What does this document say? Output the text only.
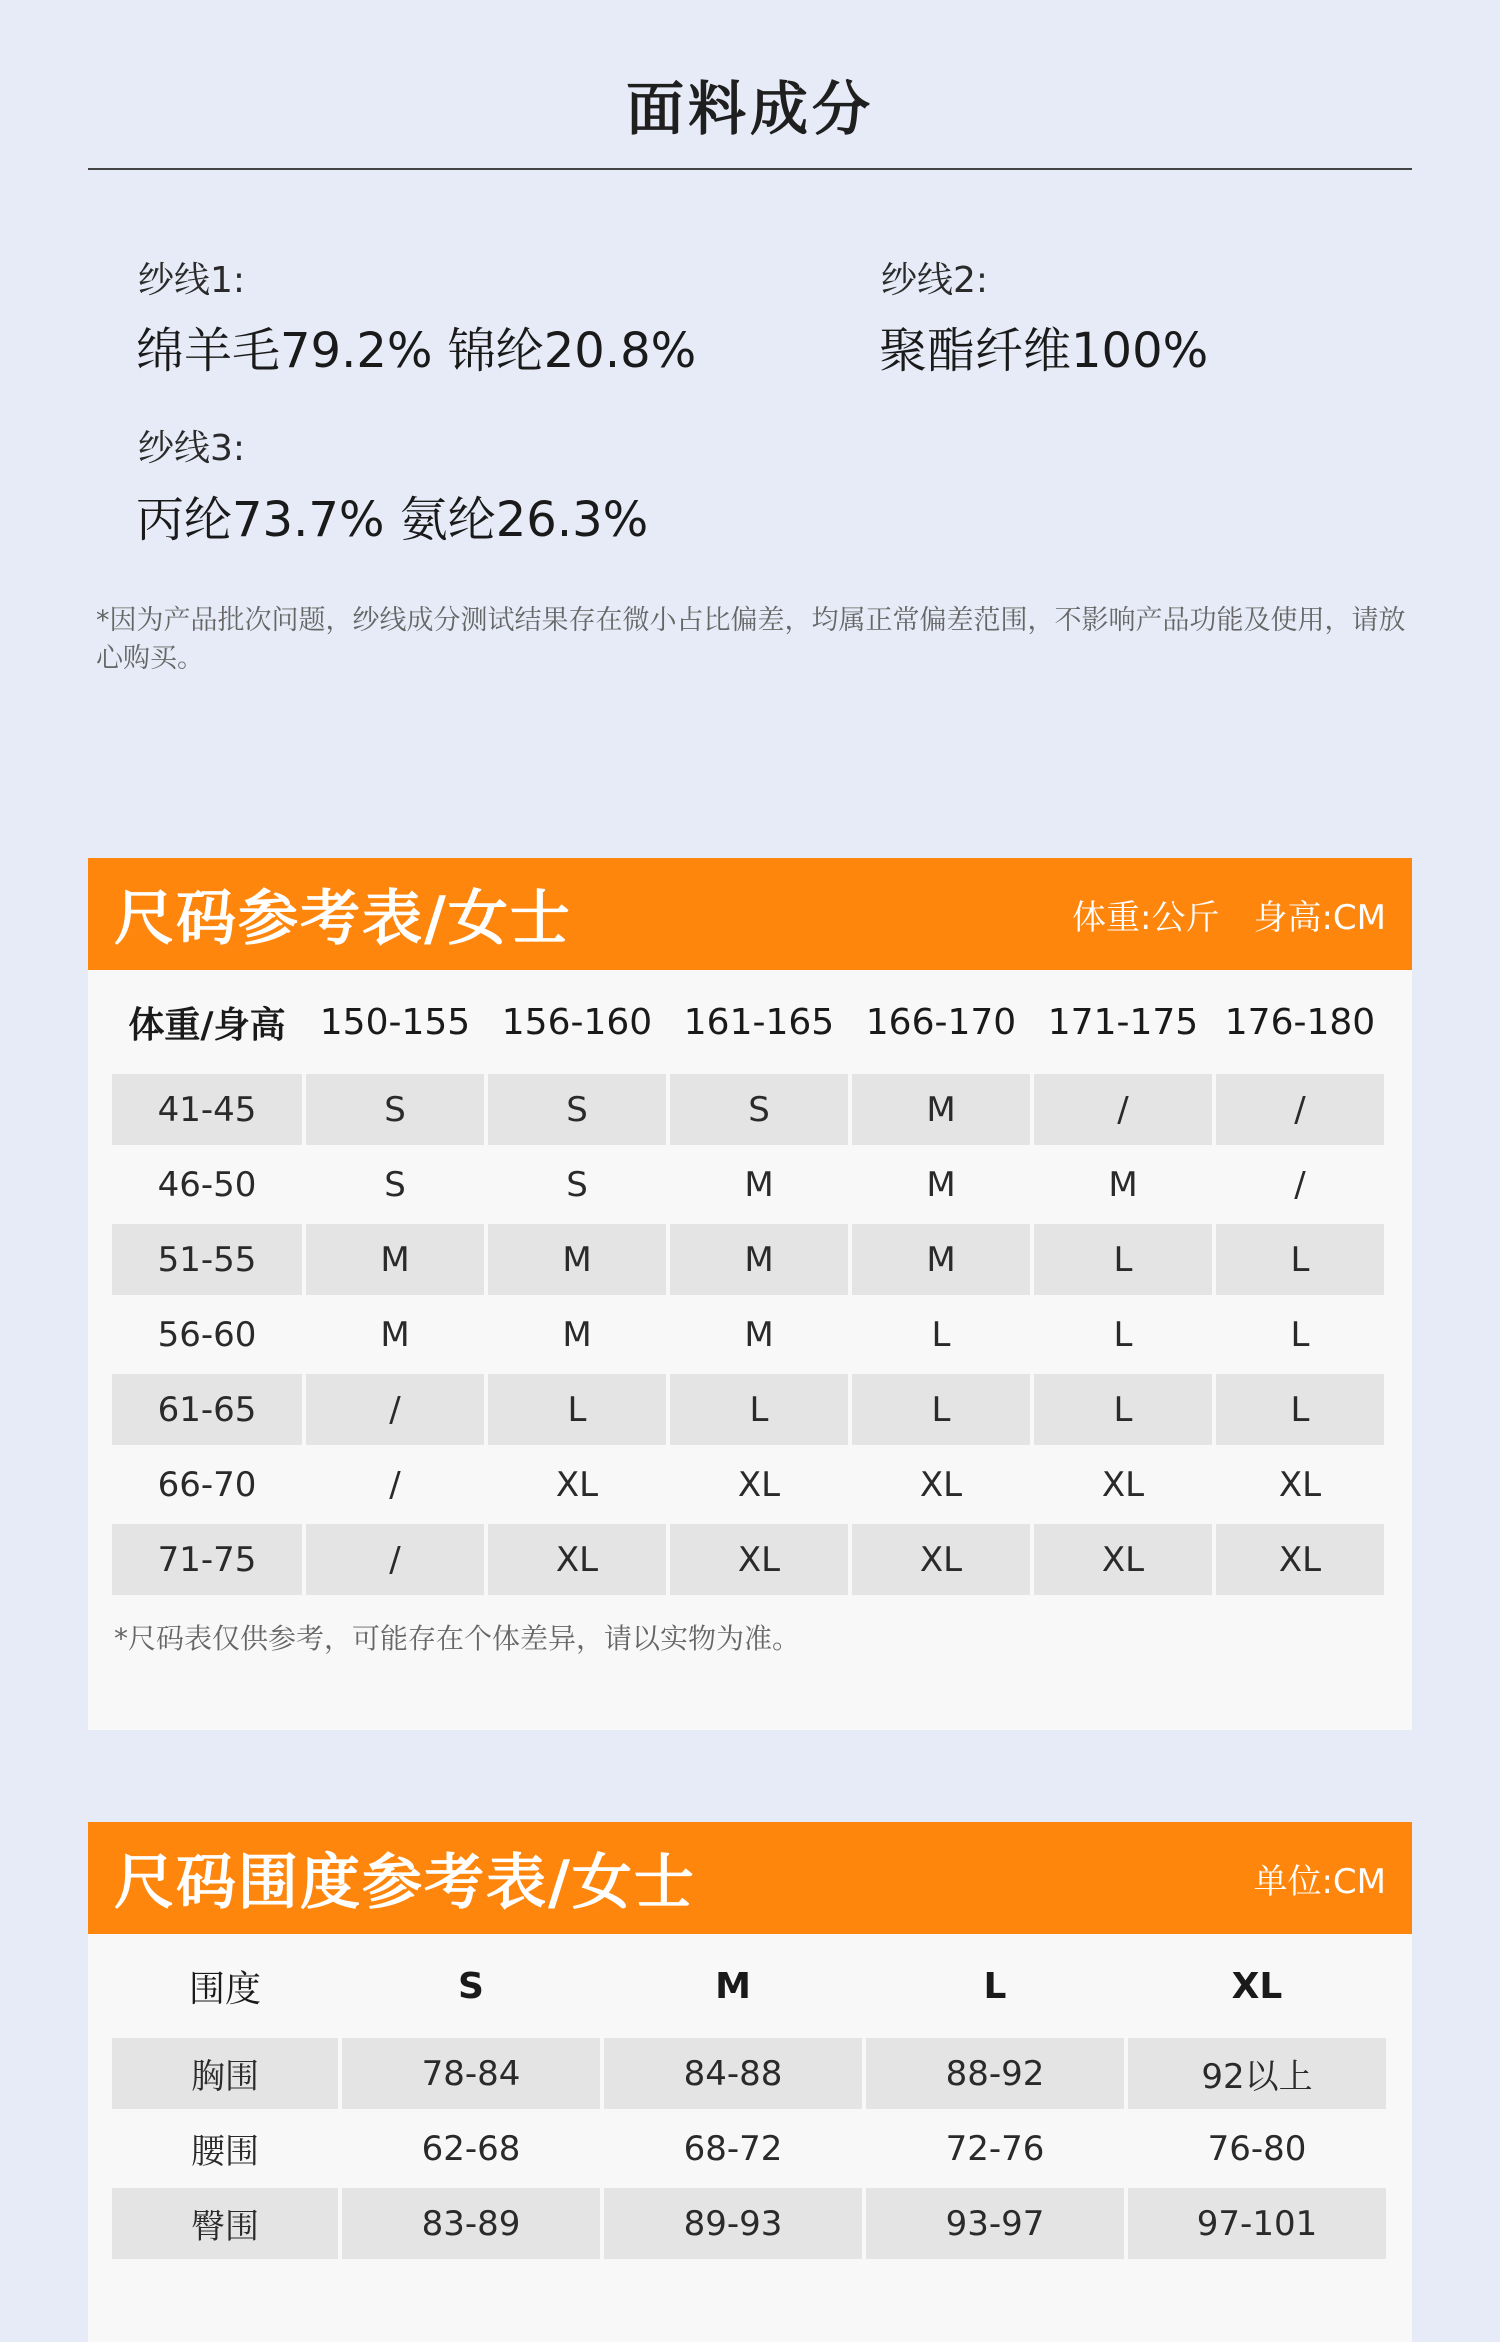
面料成分
纱线1:
绵羊毛79.2% 锦纶20.8%
纱线2:
聚酯纤维100%
纱线3:
丙纶73.7% 氨纶26.3%
*因为产品批次问题，纱线成分测试结果存在微小占比偏差，均属正常偏差范围，不影响产品功能及使用，请放心购买。
尺码参考表/女士	体重:公斤 身高:CM
体重/身高	150-155	156-160	161-165	166-170	171-175	176-180
41-45	S	S	S	M	/	/
46-50	S	S	M	M	M	/
51-55	M	M	M	M	L	L
56-60	M	M	M	L	L	L
61-65	/	L	L	L	L	L
66-70	/	XL	XL	XL	XL	XL
71-75	/	XL	XL	XL	XL	XL
*尺码表仅供参考，可能存在个体差异，请以实物为准。
尺码围度参考表/女士	单位:CM
围度	S	M	L	XL
胸围	78-84	84-88	88-92	92以上
腰围	62-68	68-72	72-76	76-80
臀围	83-89	89-93	93-97	97-101
